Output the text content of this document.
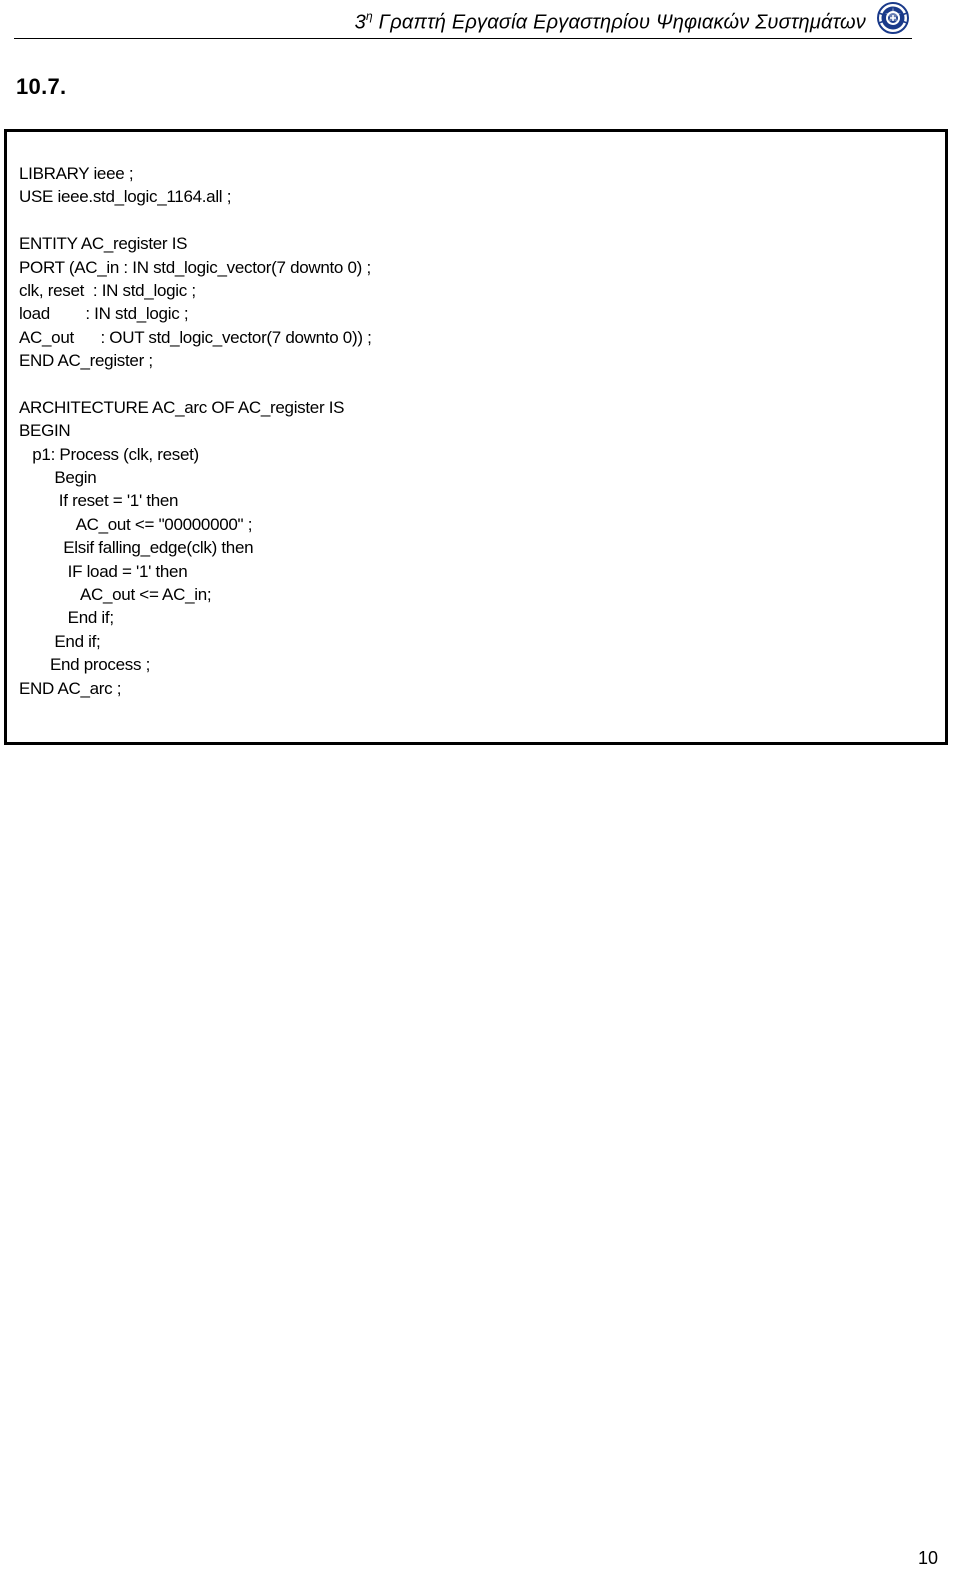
$3^\eta$ Γραπτή Εργασία Εργαστηρίου Ψηφιακών Συστημάτων
10.7.
LIBRARY ieee ;
USE ieee.std_logic_1164.all ;
ENTITY AC_register IS
PORT (AC_in : IN std_logic_vector(7 downto 0) ;
clk, reset  : IN std_logic ;
load        : IN std_logic ;
AC_out      : OUT std_logic_vector(7 downto 0)) ;
END AC_register ;
ARCHITECTURE AC_arc OF AC_register IS
BEGIN
p1: Process (clk, reset)
Begin
If reset = '1' then
AC_out <= "00000000" ;
Elsif falling_edge(clk) then
IF load = '1' then
AC_out <= AC_in;
End if;
End if;
End process ;
END AC_arc ;
10
